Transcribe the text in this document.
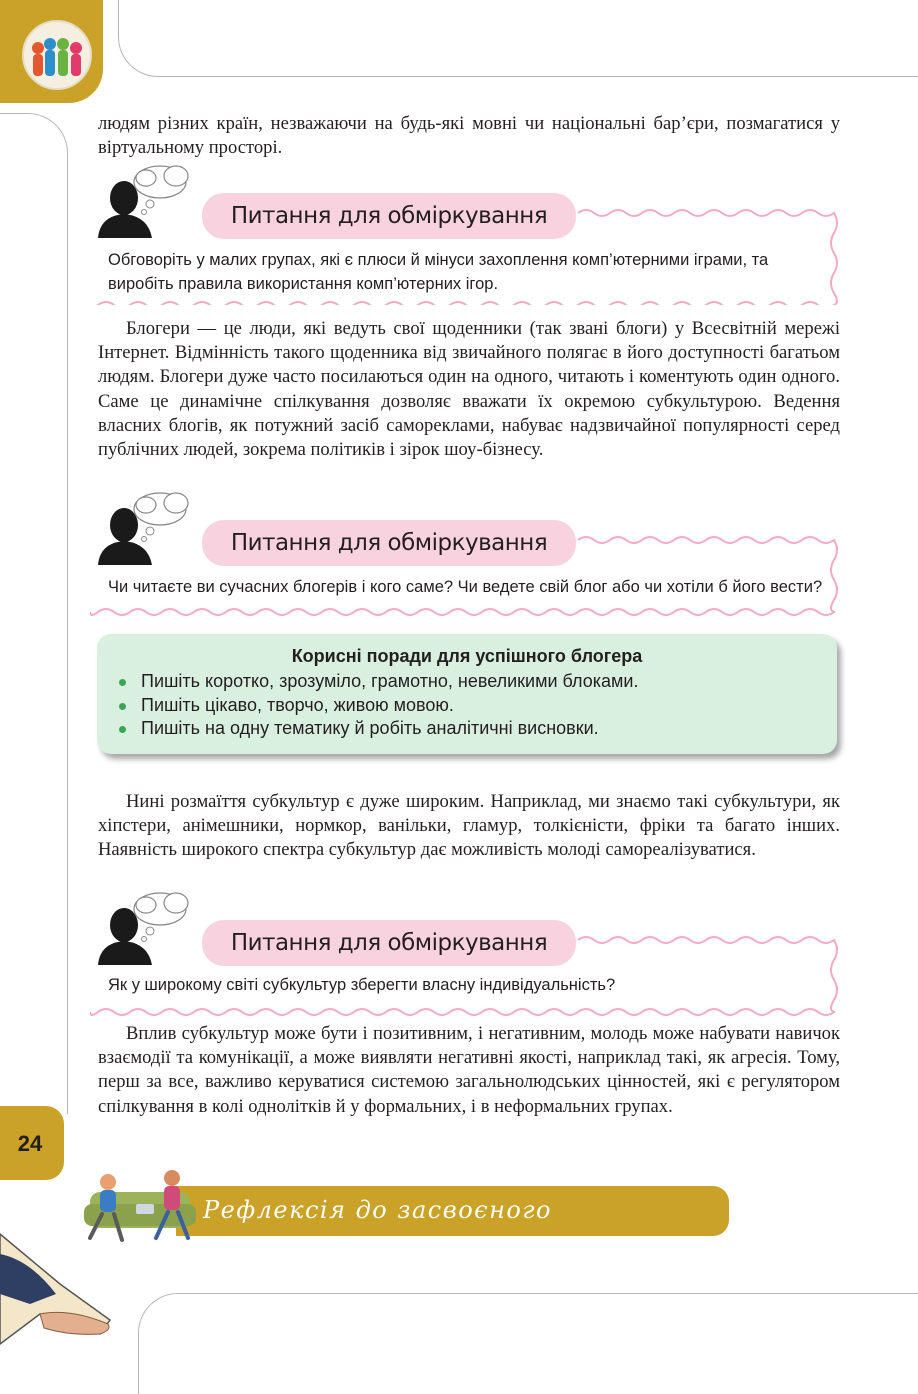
24

людям різних країн, незважаючи на будь-які мовні чи національні бар’єри, позмагатися у віртуальному просторі.

Питання для обміркування

Обговоріть у малих групах, які є плюси й мінуси захоплення комп’ютерними іграми, та виробіть правила використання комп’ютерних ігор.

Блогери — це люди, які ведуть свої щоденники (так звані блоги) у Всесвітній мережі Інтернет. Відмінність такого щоденника від звичайного полягає в його доступності багатьом людям. Блогери дуже часто посилаються один на одного, читають і коментують один одного. Саме це динамічне спілкування дозволяє вважати їх окремою субкультурою. Ведення власних блогів, як потужний засіб самореклами, набуває надзвичайної популярності серед публічних людей, зокрема політиків і зірок шоу-бізнесу.

Питання для обміркування

Чи читаєте ви сучасних блогерів і кого саме? Чи ведете свій блог або чи хотіли б його вести?

Корисні поради для успішного блогера
Пишіть коротко, зрозуміло, грамотно, невеликими блоками.
Пишіть цікаво, творчо, живою мовою.
Пишіть на одну тематику й робіть аналітичні висновки.

Нині розмаїття субкультур є дуже широким. Наприклад, ми знаємо такі субкультури, як хіпстери, анімешники, нормкор, ванільки, гламур, толкієністи, фріки та багато інших. Наявність широкого спектра субкультур дає можливість молоді самореалізуватися.

Питання для обміркування

Як у широкому світі субкультур зберегти власну індивідуальність?

Вплив субкультур може бути і позитивним, і негативним, молодь може набувати навичок взаємодії та комунікації, а може виявляти негативні якості, наприклад такі, як агресія. Тому, перш за все, важливо керуватися системою загальнолюдських цінностей, які є регулятором спілкування в колі однолітків й у формальних, і в неформальних групах.

Рефлексія до засвоєного
